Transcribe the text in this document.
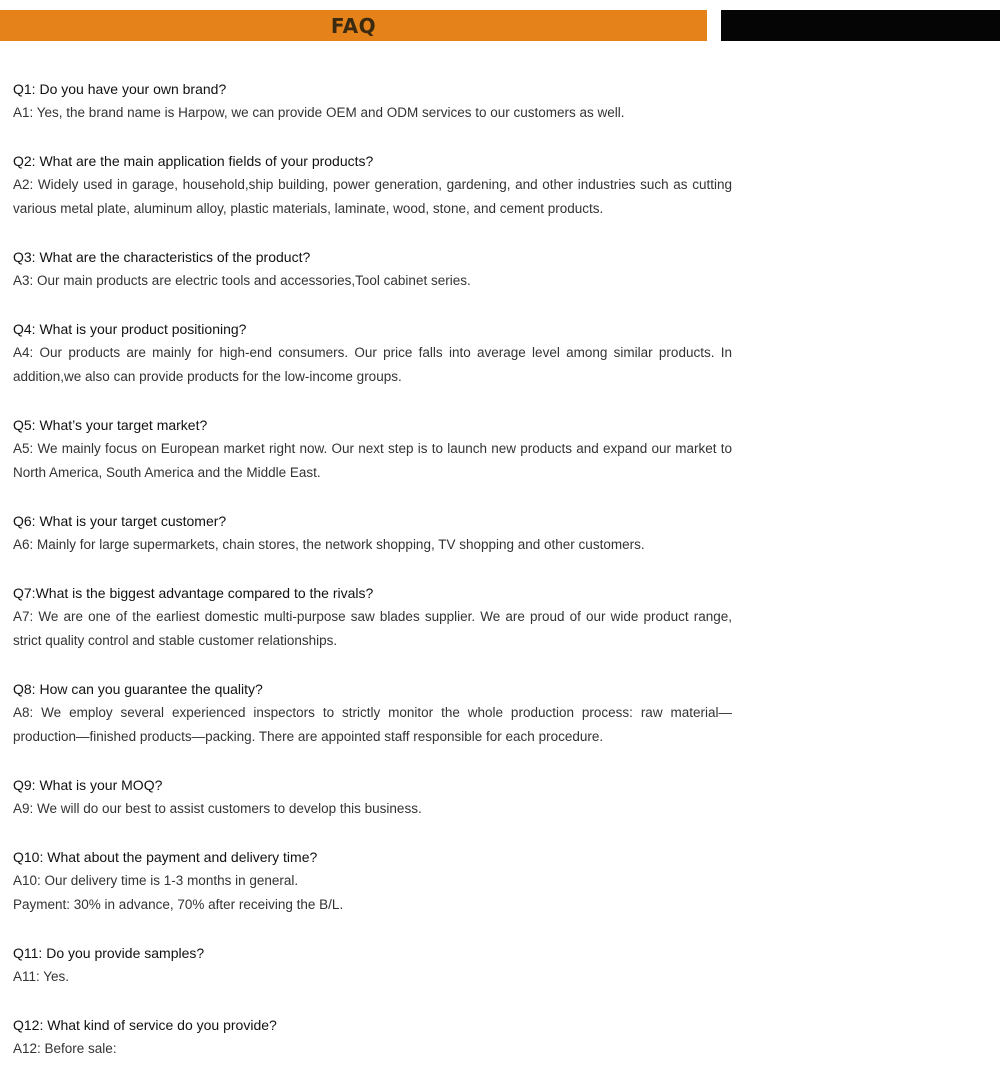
FAQ
Q1: Do you have your own brand?
A1: Yes, the brand name is Harpow, we can provide OEM and ODM services to our customers as well.
Q2: What are the main application fields of your products?
A2: Widely used in garage, household,ship building, power generation, gardening, and other industries such as cutting various metal plate, aluminum alloy, plastic materials, laminate, wood, stone, and cement products.
Q3: What are the characteristics of the product?
A3: Our main products are electric tools and accessories,Tool cabinet series.
Q4: What is your product positioning?
A4: Our products are mainly for high-end consumers. Our price falls into average level among similar products. In addition,we also can provide products for the low-income groups.
Q5: What’s your target market?
A5: We mainly focus on European market right now. Our next step is to launch new products and expand our market to North America, South America and the Middle East.
Q6: What is your target customer?
A6: Mainly for large supermarkets, chain stores, the network shopping, TV shopping and other customers.
Q7:What is the biggest advantage compared to the rivals?
A7: We are one of the earliest domestic multi-purpose saw blades supplier. We are proud of our wide product range, strict quality control and stable customer relationships.
Q8: How can you guarantee the quality?
A8: We employ several experienced inspectors to strictly monitor the whole production process: raw material—production—finished products—packing. There are appointed staff responsible for each procedure.
Q9: What is your MOQ?
A9: We will do our best to assist customers to develop this business.
Q10: What about the payment and delivery time?
A10: Our delivery time is 1-3 months in general.
Payment: 30% in advance, 70% after receiving the B/L.
Q11: Do you provide samples?
A11: Yes.
Q12: What kind of service do you provide?
A12: Before sale:
